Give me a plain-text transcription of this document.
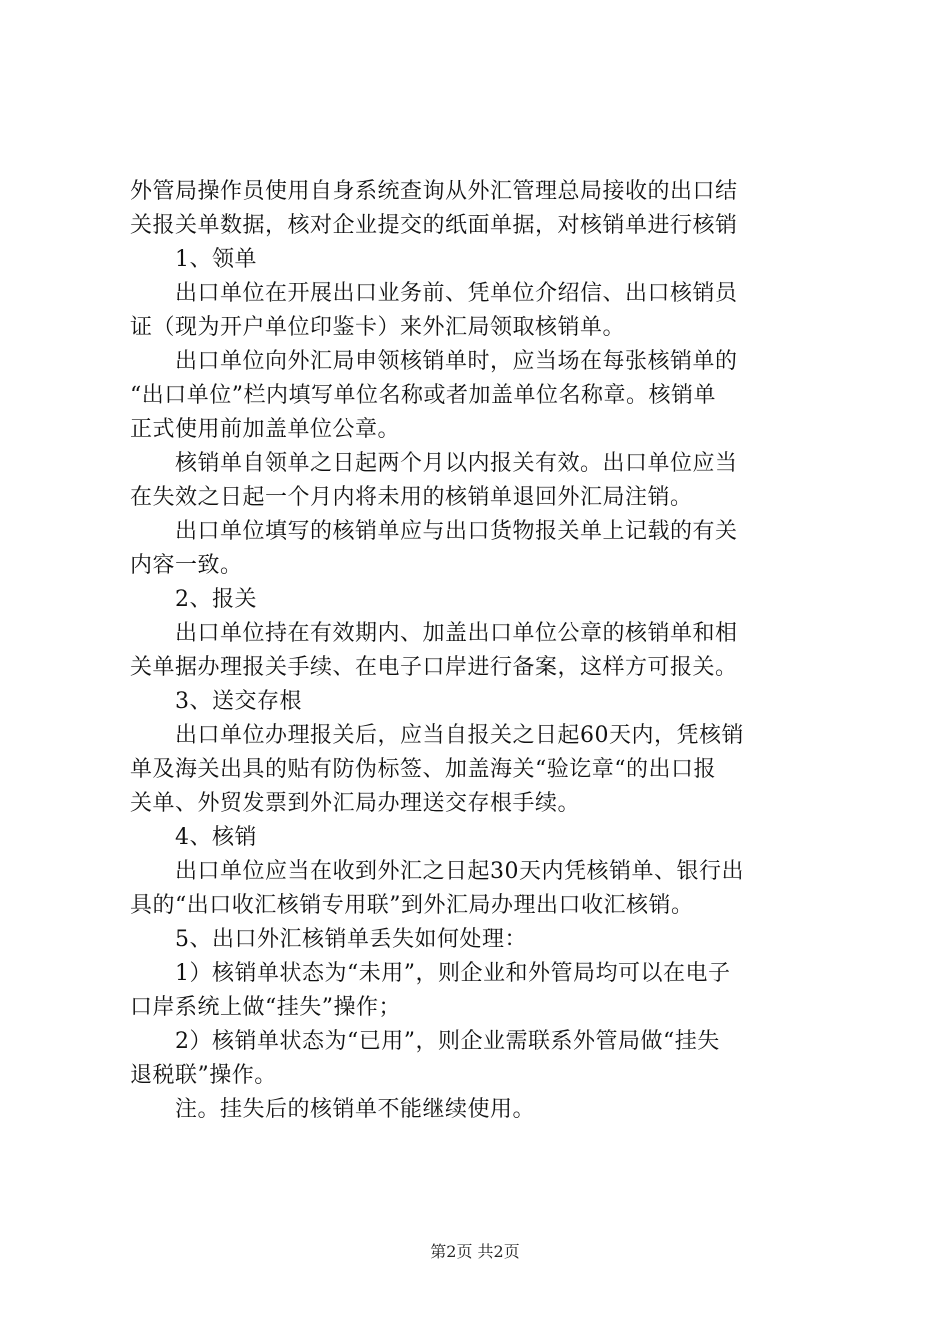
外管局操作员使用自身系统查询从外汇管理总局接收的出口结
关报关单数据，核对企业提交的纸面单据，对核销单进行核销
　　1、领单
　　出口单位在开展出口业务前、凭单位介绍信、出口核销员
证（现为开户单位印鉴卡）来外汇局领取核销单。
　　出口单位向外汇局申领核销单时，应当场在每张核销单的
“出口单位”栏内填写单位名称或者加盖单位名称章。核销单
正式使用前加盖单位公章。
　　核销单自领单之日起两个月以内报关有效。出口单位应当
在失效之日起一个月内将未用的核销单退回外汇局注销。
　　出口单位填写的核销单应与出口货物报关单上记载的有关
内容一致。
　　2、报关
　　出口单位持在有效期内、加盖出口单位公章的核销单和相
关单据办理报关手续、在电子口岸进行备案，这样方可报关。
　　3、送交存根
　　出口单位办理报关后，应当自报关之日起60天内，凭核销
单及海关出具的贴有防伪标签、加盖海关“验讫章“的出口报
关单、外贸发票到外汇局办理送交存根手续。
　　4、核销
　　出口单位应当在收到外汇之日起30天内凭核销单、银行出
具的“出口收汇核销专用联”到外汇局办理出口收汇核销。
　　5、出口外汇核销单丢失如何处理：
　　1）核销单状态为“未用”，则企业和外管局均可以在电子
口岸系统上做“挂失”操作；
　　2）核销单状态为“已用”，则企业需联系外管局做“挂失
退税联”操作。
　　注。挂失后的核销单不能继续使用。
第2页 共2页
